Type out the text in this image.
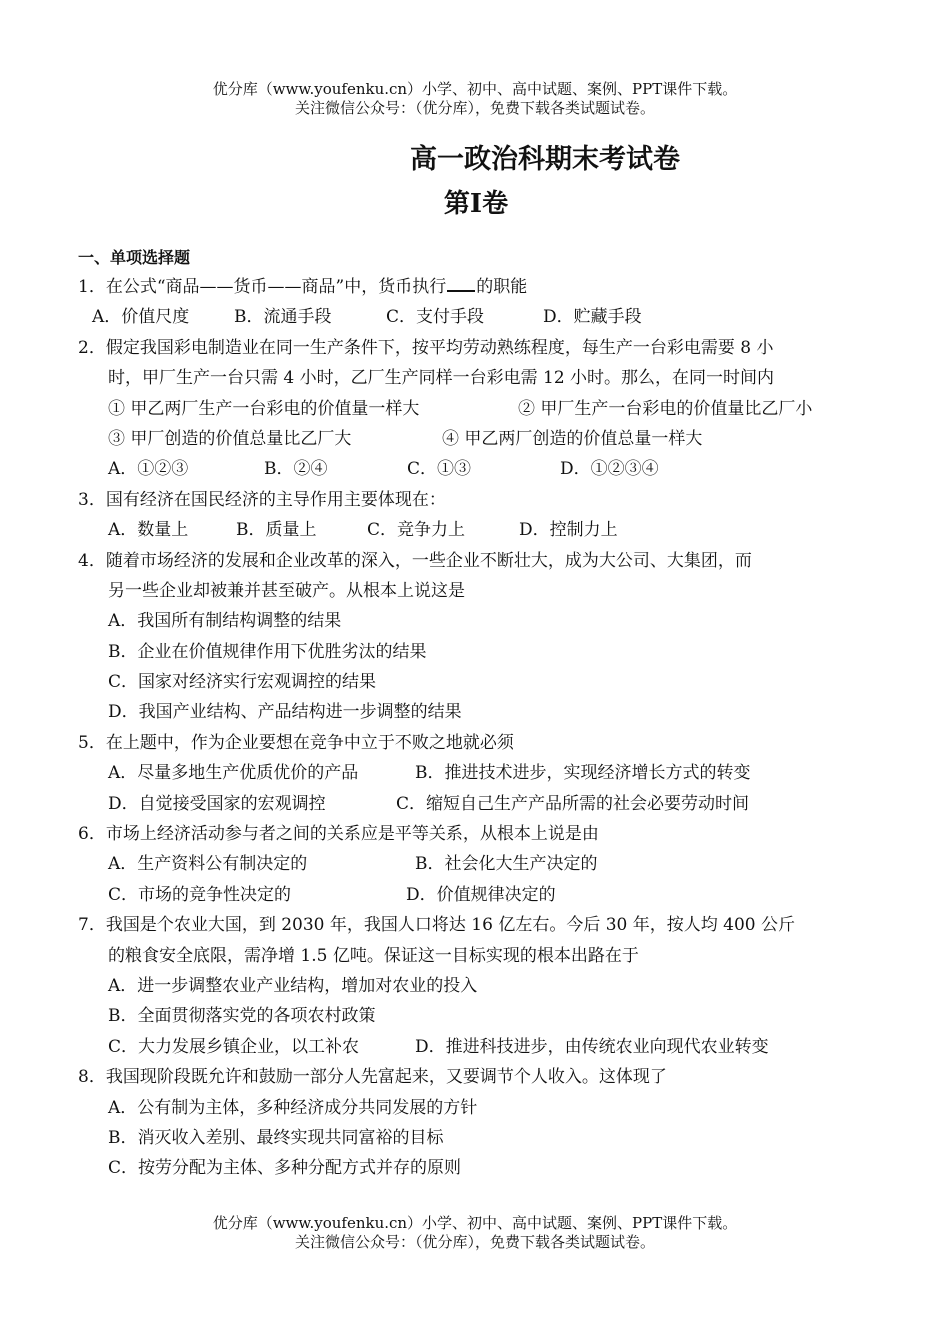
优分库（www.youfenku.cn）小学、初中、高中试题、案例、PPT课件下载。
关注微信公众号：（优分库），免费下载各类试题试卷。
高一政治科期末考试卷
第Ⅰ卷
一、单项选择题
1．在公式“商品——货币——商品”中，货币执行 的职能
A．价值尺度	B．流通手段	C．支付手段	D．贮藏手段
2．假定我国彩电制造业在同一生产条件下，按平均劳动熟练程度，每生产一台彩电需要 8 小
时，甲厂生产一台只需 4 小时，乙厂生产同样一台彩电需 12 小时。那么，在同一时间内
① 甲乙两厂生产一台彩电的价值量一样大	② 甲厂生产一台彩电的价值量比乙厂小
③ 甲厂创造的价值总量比乙厂大	④ 甲乙两厂创造的价值总量一样大
A．①②③	B．②④	C．①③	D．①②③④
3．国有经济在国民经济的主导作用主要体现在：
A．数量上	B．质量上	C．竞争力上	D．控制力上
4．随着市场经济的发展和企业改革的深入，一些企业不断壮大，成为大公司、大集团，而
另一些企业却被兼并甚至破产。从根本上说这是
A．我国所有制结构调整的结果
B．企业在价值规律作用下优胜劣汰的结果
C．国家对经济实行宏观调控的结果
D．我国产业结构、产品结构进一步调整的结果
5．在上题中，作为企业要想在竞争中立于不败之地就必须
A．尽量多地生产优质优价的产品	B．推进技术进步，实现经济增长方式的转变
D．自觉接受国家的宏观调控	C．缩短自己生产产品所需的社会必要劳动时间
6．市场上经济活动参与者之间的关系应是平等关系，从根本上说是由
A．生产资料公有制决定的	B．社会化大生产决定的
C．市场的竞争性决定的	D．价值规律决定的
7．我国是个农业大国，到 2030 年，我国人口将达 16 亿左右。今后 30 年，按人均 400 公斤
的粮食安全底限，需净增 1.5 亿吨。保证这一目标实现的根本出路在于
A．进一步调整农业产业结构，增加对农业的投入
B．全面贯彻落实党的各项农村政策
C．大力发展乡镇企业，以工补农	D．推进科技进步，由传统农业向现代农业转变
8．我国现阶段既允许和鼓励一部分人先富起来，又要调节个人收入。这体现了
A．公有制为主体，多种经济成分共同发展的方针
B．消灭收入差别、最终实现共同富裕的目标
C．按劳分配为主体、多种分配方式并存的原则
优分库（www.youfenku.cn）小学、初中、高中试题、案例、PPT课件下载。
关注微信公众号：（优分库），免费下载各类试题试卷。
